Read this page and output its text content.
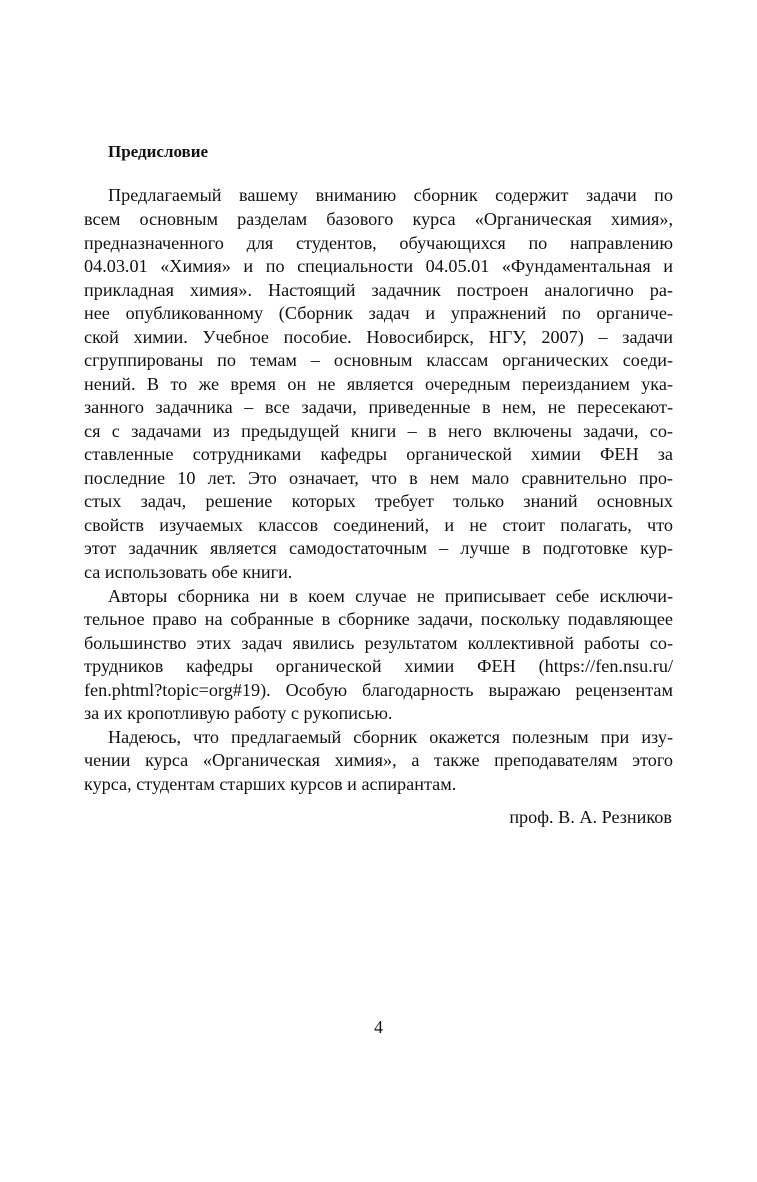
Предисловие
Предлагаемый вашему вниманию сборник содержит задачи по
всем основным разделам базового курса «Органическая химия»,
предназначенного для студентов, обучающихся по направлению
04.03.01 «Химия» и по специальности 04.05.01 «Фундаментальная и
прикладная химия». Настоящий задачник построен аналогично ра-
нее опубликованному (Сборник задач и упражнений по органиче-
ской химии. Учебное пособие. Новосибирск, НГУ, 2007) – задачи
сгруппированы по темам – основным классам органических соеди-
нений. В то же время он не является очередным переизданием ука-
занного задачника – все задачи, приведенные в нем, не пересекают-
ся с задачами из предыдущей книги – в него включены задачи, со-
ставленные сотрудниками кафедры органической химии ФЕН за
последние 10 лет. Это означает, что в нем мало сравнительно про-
стых задач, решение которых требует только знаний основных
свойств изучаемых классов соединений, и не стоит полагать, что
этот задачник является самодостаточным – лучше в подготовке кур-
са использовать обе книги.
Авторы сборника ни в коем случае не приписывает себе исключи-
тельное право на собранные в сборнике задачи, поскольку подавляющее
большинство этих задач явились результатом коллективной работы со-
трудников кафедры органической химии ФЕН (https://fen.nsu.ru/
fen.phtml?topic=org#19). Особую благодарность выражаю рецензентам
за их кропотливую работу с рукописью.
Надеюсь, что предлагаемый сборник окажется полезным при изу-
чении курса «Органическая химия», а также преподавателям этого
курса, студентам старших курсов и аспирантам.
проф. В. А. Резников
4
